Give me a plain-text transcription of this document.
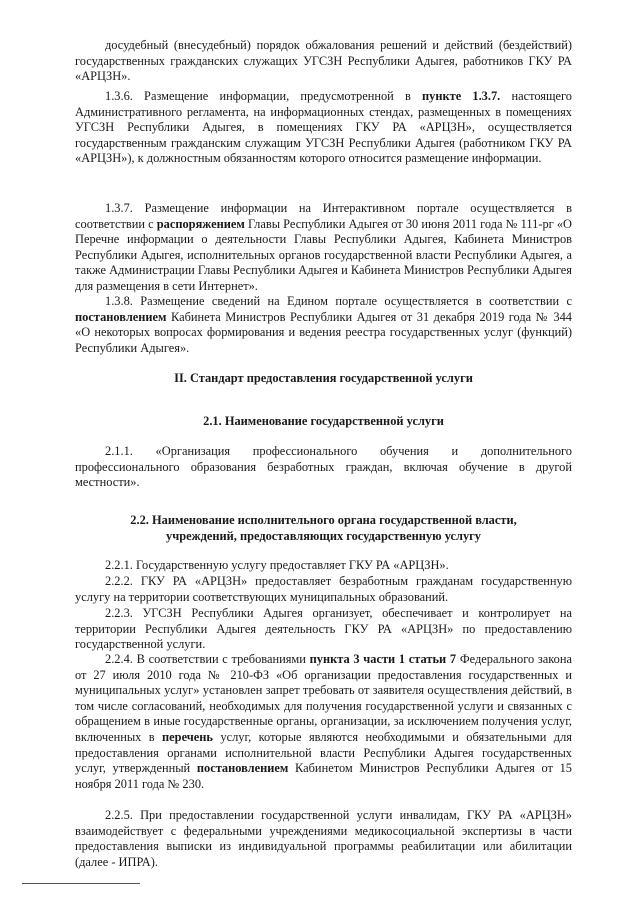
досудебный (внесудебный) порядок обжалования решений и действий (бездействий) государственных гражданских служащих УГСЗН Республики Адыгея, работников ГКУ РА «АРЦЗН».

1.3.6. Размещение информации, предусмотренной в пункте 1.3.7. настоящего Административного регламента, на информационных стендах, размещенных в помещениях УГСЗН Республики Адыгея, в помещениях ГКУ РА «АРЦЗН», осуществляется государственным гражданским служащим УГСЗН Республики Адыгея (работником ГКУ РА «АРЦЗН»), к должностным обязанностям которого относится размещение информации.

1.3.7. Размещение информации на Интерактивном портале осуществляется в соответствии с распоряжением Главы Республики Адыгея от 30 июня 2011 года № 111-рг «О Перечне информации о деятельности Главы Республики Адыгея, Кабинета Министров Республики Адыгея, исполнительных органов государственной власти Республики Адыгея, а также Администрации Главы Республики Адыгея и Кабинета Министров Республики Адыгея для размещения в сети Интернет».

1.3.8. Размещение сведений на Едином портале осуществляется в соответствии с постановлением Кабинета Министров Республики Адыгея от 31 декабря 2019 года № 344 «О некоторых вопросах формирования и ведения реестра государственных услуг (функций) Республики Адыгея».

II. Стандарт предоставления государственной услуги

2.1. Наименование государственной услуги

2.1.1. «Организация профессионального обучения и дополнительного профессионального образования безработных граждан, включая обучение в другой местности».

2.2. Наименование исполнительного органа государственной власти,
учреждений, предоставляющих государственную услугу

2.2.1. Государственную услугу предоставляет ГКУ РА «АРЦЗН».

2.2.2. ГКУ РА «АРЦЗН» предоставляет безработным гражданам государственную услугу на территории соответствующих муниципальных образований.

2.2.3. УГСЗН Республики Адыгея организует, обеспечивает и контролирует на территории Республики Адыгея деятельность ГКУ РА «АРЦЗН» по предоставлению государственной услуги.

2.2.4. В соответствии с требованиями пункта 3 части 1 статьи 7 Федерального закона от 27 июля 2010 года № 210-ФЗ «Об организации предоставления государственных и муниципальных услуг» установлен запрет требовать от заявителя осуществления действий, в том числе согласований, необходимых для получения государственной услуги и связанных с обращением в иные государственные органы, организации, за исключением получения услуг, включенных в перечень услуг, которые являются необходимыми и обязательными для предоставления органами исполнительной власти Республики Адыгея государственных услуг, утвержденный постановлением Кабинетом Министров Республики Адыгея от 15 ноября 2011 года № 230.

2.2.5. При предоставлении государственной услуги инвалидам, ГКУ РА «АРЦЗН» взаимодействует с федеральными учреждениями медикосоциальной экспертизы в части предоставления выписки из индивидуальной программы реабилитации или абилитации (далее - ИПРА).
